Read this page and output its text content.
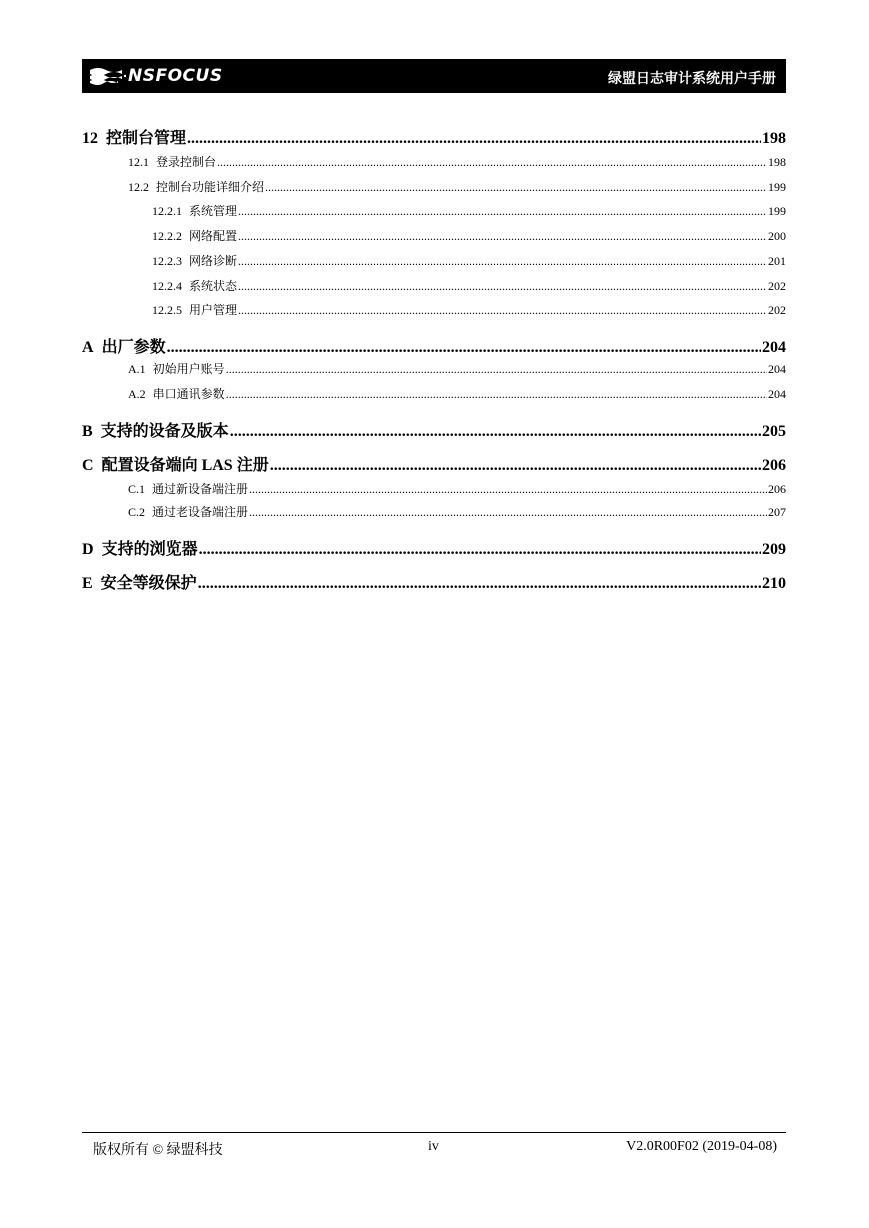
NSFOCUS	绿盟日志审计系统用户手册
12 控制台管理 .....	198
12.1 登录控制台 .....	198
12.2 控制台功能详细介绍 .....	199
12.2.1 系统管理 .....	199
12.2.2 网络配置 .....	200
12.2.3 网络诊断 .....	201
12.2.4 系统状态 .....	202
12.2.5 用户管理 .....	202
A 出厂参数 .....	204
A.1 初始用户账号 .....	204
A.2 串口通讯参数 .....	204
B 支持的设备及版本 .....	205
C 配置设备端向 LAS 注册 .....	206
C.1 通过新设备端注册 .....	206
C.2 通过老设备端注册 .....	207
D 支持的浏览器 .....	209
E 安全等级保护 .....	210
版权所有 © 绿盟科技	iv	V2.0R00F02 (2019-04-08)
